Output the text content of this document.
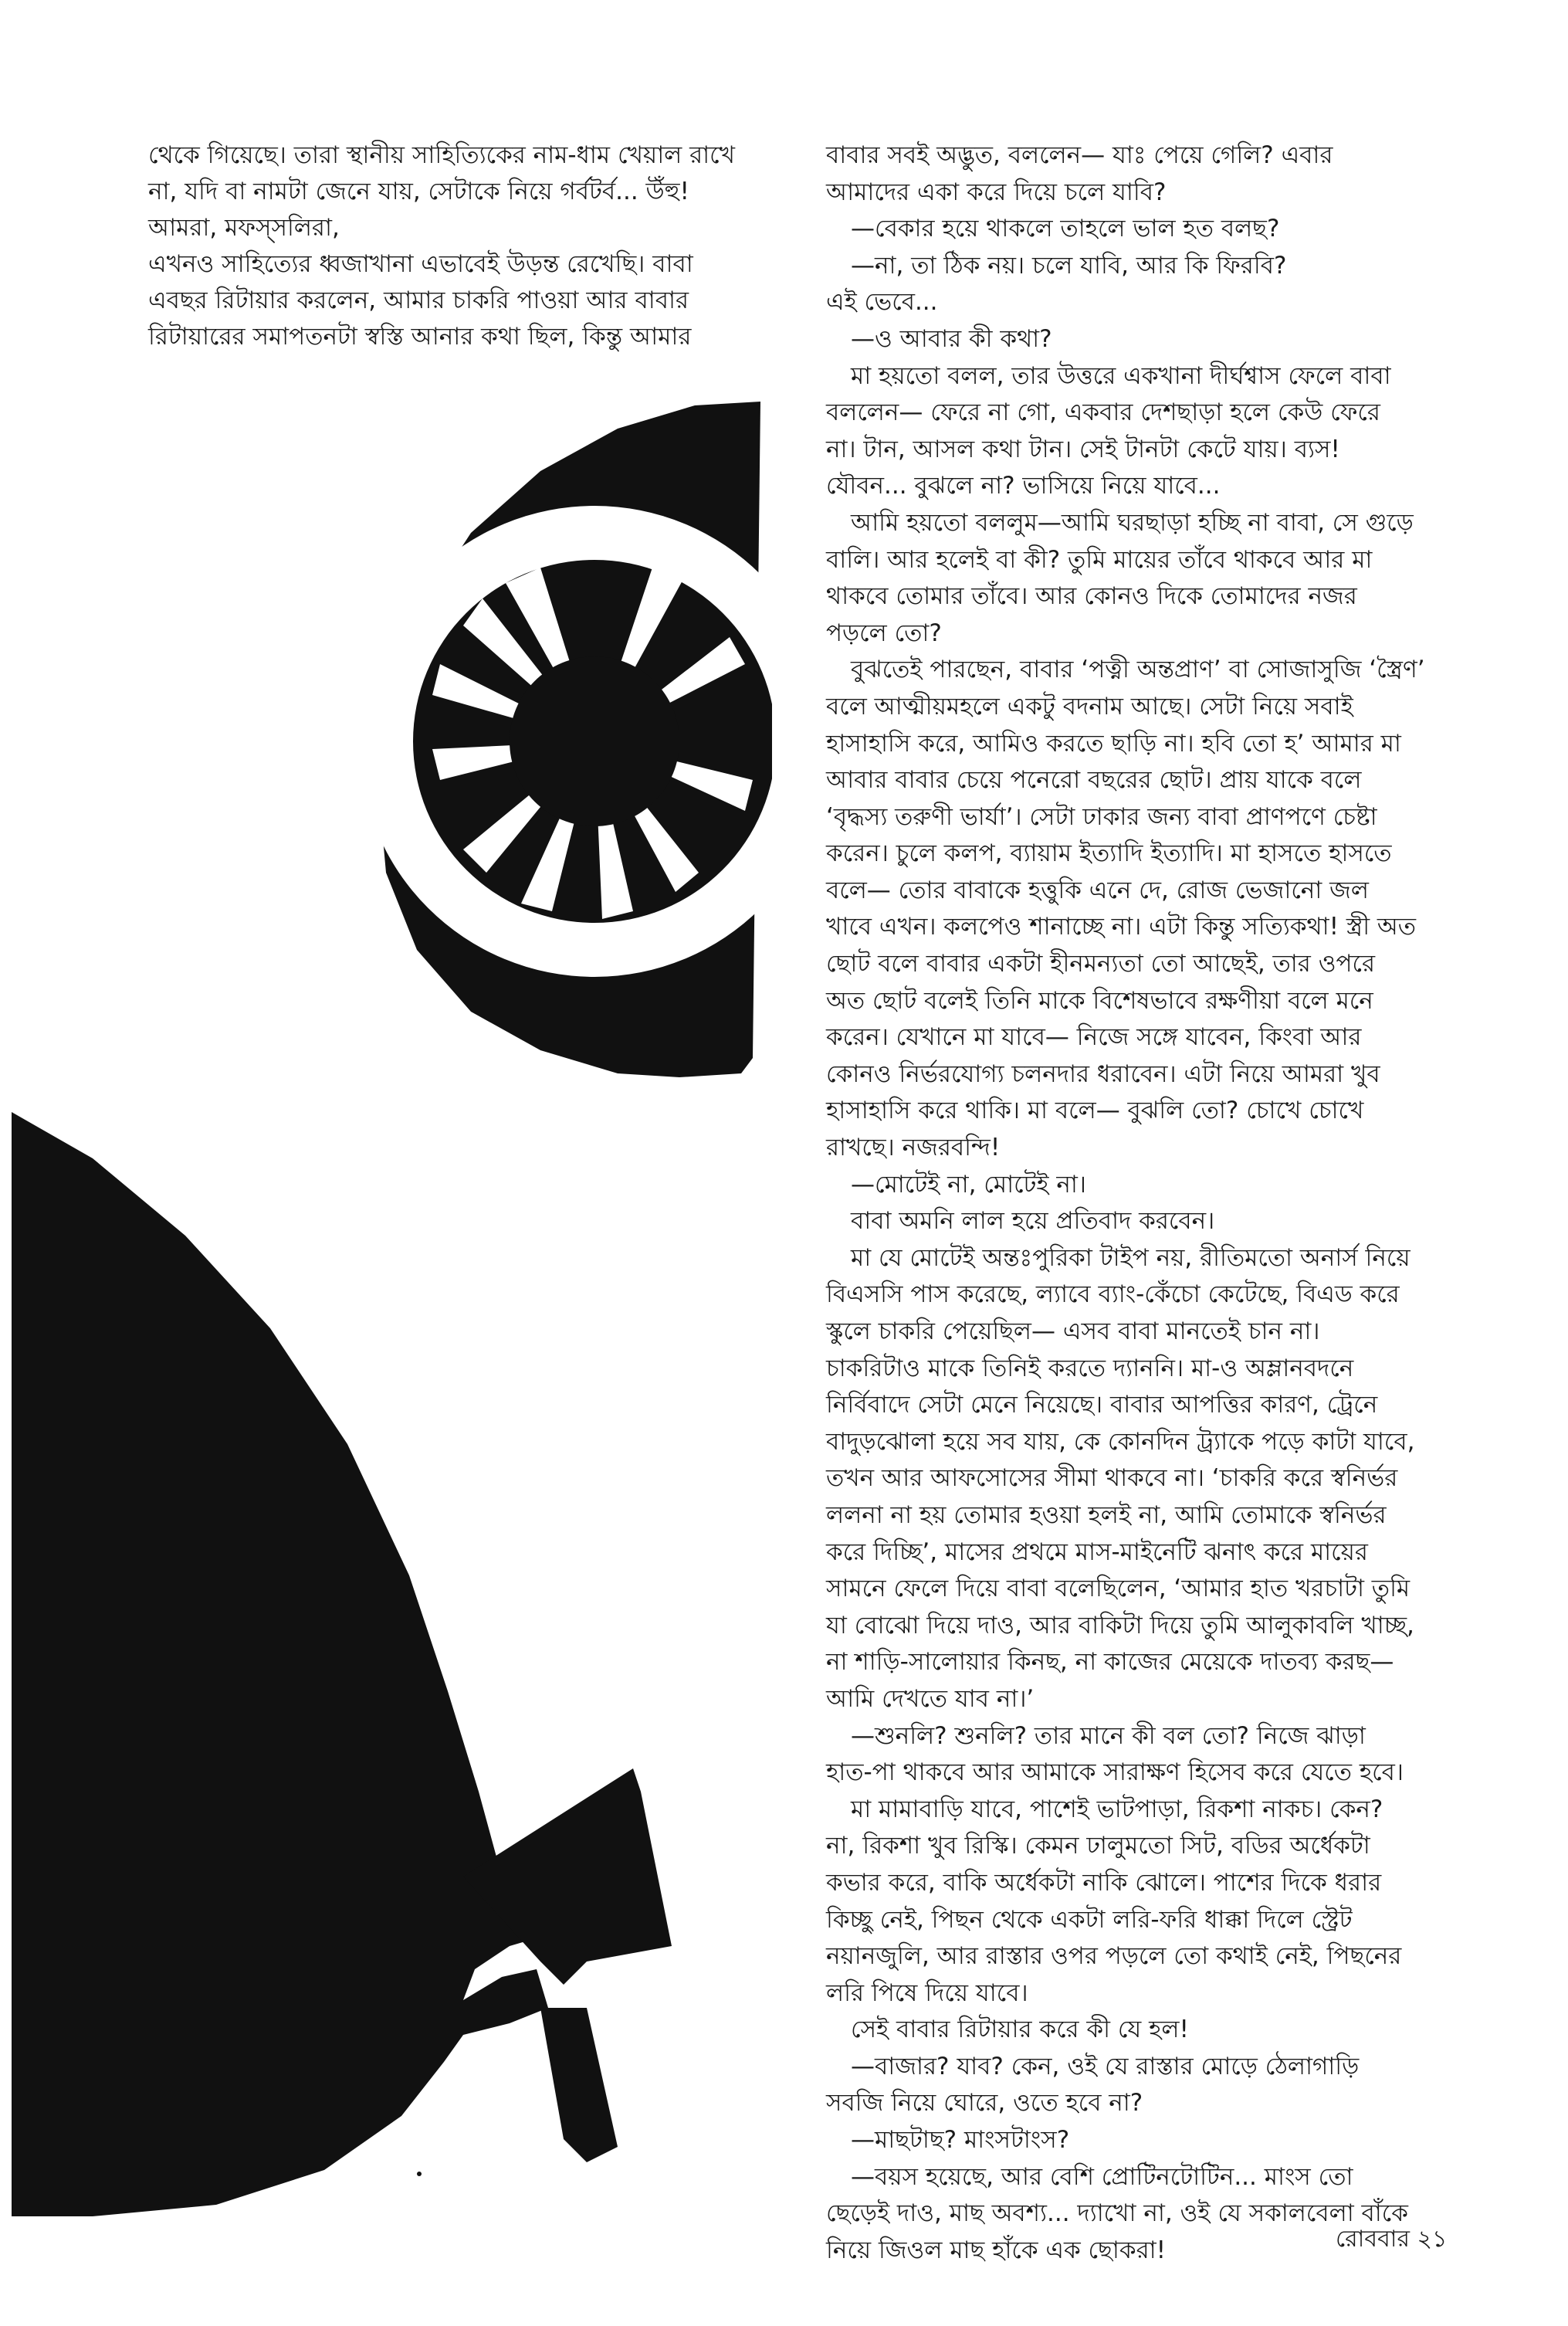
থেকে গিয়েছে। তারা স্থানীয় সাহিত্যিকের নাম-ধাম খেয়াল রাখে

না, যদি বা নামটা জেনে যায়, সেটাকে নিয়ে গর্বটর্ব... উঁহু!

আমরা, মফস্‌সলিরা,

এখনও সাহিত্যের ধ্বজাখানা এভাবেই উড়ন্ত রেখেছি। বাবা

এবছর রিটায়ার করলেন, আমার চাকরি পাওয়া আর বাবার

রিটায়ারের সমাপতনটা স্বস্তি আনার কথা ছিল, কিন্তু আমার

বাবার সবই অদ্ভুত, বললেন— যাঃ পেয়ে গেলি? এবার

আমাদের একা করে দিয়ে চলে যাবি?

—বেকার হয়ে থাকলে তাহলে ভাল হত বলছ?

—না, তা ঠিক নয়। চলে যাবি, আর কি ফিরবি?

এই ভেবে...

—ও আবার কী কথা?

মা হয়তো বলল, তার উত্তরে একখানা দীর্ঘশ্বাস ফেলে বাবা

বললেন— ফেরে না গো, একবার দেশছাড়া হলে কেউ ফেরে

না। টান, আসল কথা টান। সেই টানটা কেটে যায়। ব্যস!

যৌবন... বুঝলে না? ভাসিয়ে নিয়ে যাবে...

আমি হয়তো বললুম—আমি ঘরছাড়া হচ্ছি না বাবা, সে গুড়ে

বালি। আর হলেই বা কী? তুমি মায়ের তাঁবে থাকবে আর মা

থাকবে তোমার তাঁবে। আর কোনও দিকে তোমাদের নজর

পড়লে তো?

বুঝতেই পারছেন, বাবার ‘পত্নী অন্তপ্রাণ’ বা সোজাসুজি ‘স্ত্রৈণ’

বলে আত্মীয়মহলে একটু বদনাম আছে। সেটা নিয়ে সবাই

হাসাহাসি করে, আমিও করতে ছাড়ি না। হবি তো হ’ আমার মা

আবার বাবার চেয়ে পনেরো বছরের ছোট। প্রায় যাকে বলে

‘বৃদ্ধস্য তরুণী ভার্যা’। সেটা ঢাকার জন্য বাবা প্রাণপণে চেষ্টা

করেন। চুলে কলপ, ব্যায়াম ইত্যাদি ইত্যাদি। মা হাসতে হাসতে

বলে— তোর বাবাকে হত্তুকি এনে দে, রোজ ভেজানো জল

খাবে এখন। কলপেও শানাচ্ছে না। এটা কিন্তু সত্যিকথা! স্ত্রী অত

ছোট বলে বাবার একটা হীনমন্যতা তো আছেই, তার ওপরে

অত ছোট বলেই তিনি মাকে বিশেষভাবে রক্ষণীয়া বলে মনে

করেন। যেখানে মা যাবে— নিজে সঙ্গে যাবেন, কিংবা আর

কোনও নির্ভরযোগ্য চলনদার ধরাবেন। এটা নিয়ে আমরা খুব

হাসাহাসি করে থাকি। মা বলে— বুঝলি তো? চোখে চোখে

রাখছে। নজরবন্দি!

—মোটেই না, মোটেই না।

বাবা অমনি লাল হয়ে প্রতিবাদ করবেন।

মা যে মোটেই অন্তঃপুরিকা টাইপ নয়, রীতিমতো অনার্স নিয়ে

বিএসসি পাস করেছে, ল্যাবে ব্যাং-কেঁচো কেটেছে, বিএড করে

স্কুলে চাকরি পেয়েছিল— এসব বাবা মানতেই চান না।

চাকরিটাও মাকে তিনিই করতে দ্যাননি। মা-ও অম্লানবদনে

নির্বিবাদে সেটা মেনে নিয়েছে। বাবার আপত্তির কারণ, ট্রেনে

বাদুড়ঝোলা হয়ে সব যায়, কে কোনদিন ট্র্যাকে পড়ে কাটা যাবে,

তখন আর আফসোসের সীমা থাকবে না। ‘চাকরি করে স্বনির্ভর

ললনা না হয় তোমার হওয়া হলই না, আমি তোমাকে স্বনির্ভর

করে দিচ্ছি’, মাসের প্রথমে মাস-মাইনেটি ঝনাৎ করে মায়ের

সামনে ফেলে দিয়ে বাবা বলেছিলেন, ‘আমার হাত খরচাটা তুমি

যা বোঝো দিয়ে দাও, আর বাকিটা দিয়ে তুমি আলুকাবলি খাচ্ছ,

না শাড়ি-সালোয়ার কিনছ, না কাজের মেয়েকে দাতব্য করছ—

আমি দেখতে যাব না।’

—শুনলি? শুনলি? তার মানে কী বল তো? নিজে ঝাড়া

হাত-পা থাকবে আর আমাকে সারাক্ষণ হিসেব করে যেতে হবে।

মা মামাবাড়ি যাবে, পাশেই ভাটপাড়া, রিকশা নাকচ। কেন?

না, রিকশা খুব রিস্কি। কেমন ঢালুমতো সিট, বডির অর্ধেকটা

কভার করে, বাকি অর্ধেকটা নাকি ঝোলে। পাশের দিকে ধরার

কিচ্ছু নেই, পিছন থেকে একটা লরি-ফরি ধাক্কা দিলে স্ট্রেট

নয়ানজুলি, আর রাস্তার ওপর পড়লে তো কথাই নেই, পিছনের

লরি পিষে দিয়ে যাবে।

সেই বাবার রিটায়ার করে কী যে হল!

—বাজার? যাব? কেন, ওই যে রাস্তার মোড়ে ঠেলাগাড়ি

সবজি নিয়ে ঘোরে, ওতে হবে না?

—মাছটাছ? মাংসটাংস?

—বয়স হয়েছে, আর বেশি প্রোটিনটোটিন... মাংস তো

ছেড়েই দাও, মাছ অবশ্য... দ্যাখো না, ওই যে সকালবেলা বাঁকে

নিয়ে জিওল মাছ হাঁকে এক ছোকরা!	রোববার ২১
